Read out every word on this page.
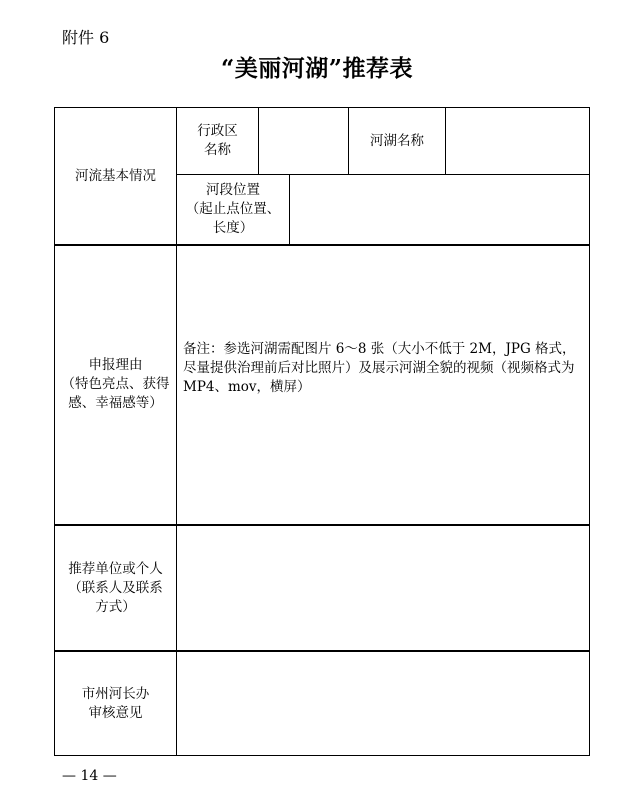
附件 6
“美丽河湖”推荐表
河流基本情况
行政区
名称
河湖名称
河段位置
（起止点位置、
长度）
申报理由
（特色亮点、获得
感、幸福感等）
备注：参选河湖需配图片 6～8 张（大小不低于 2M，JPG 格式，尽量提供治理前后对比照片）及展示河湖全貌的视频（视频格式为 MP4、mov，横屏）
推荐单位或个人
（联系人及联系
方式）
市州河长办
审核意见
— 14 —
